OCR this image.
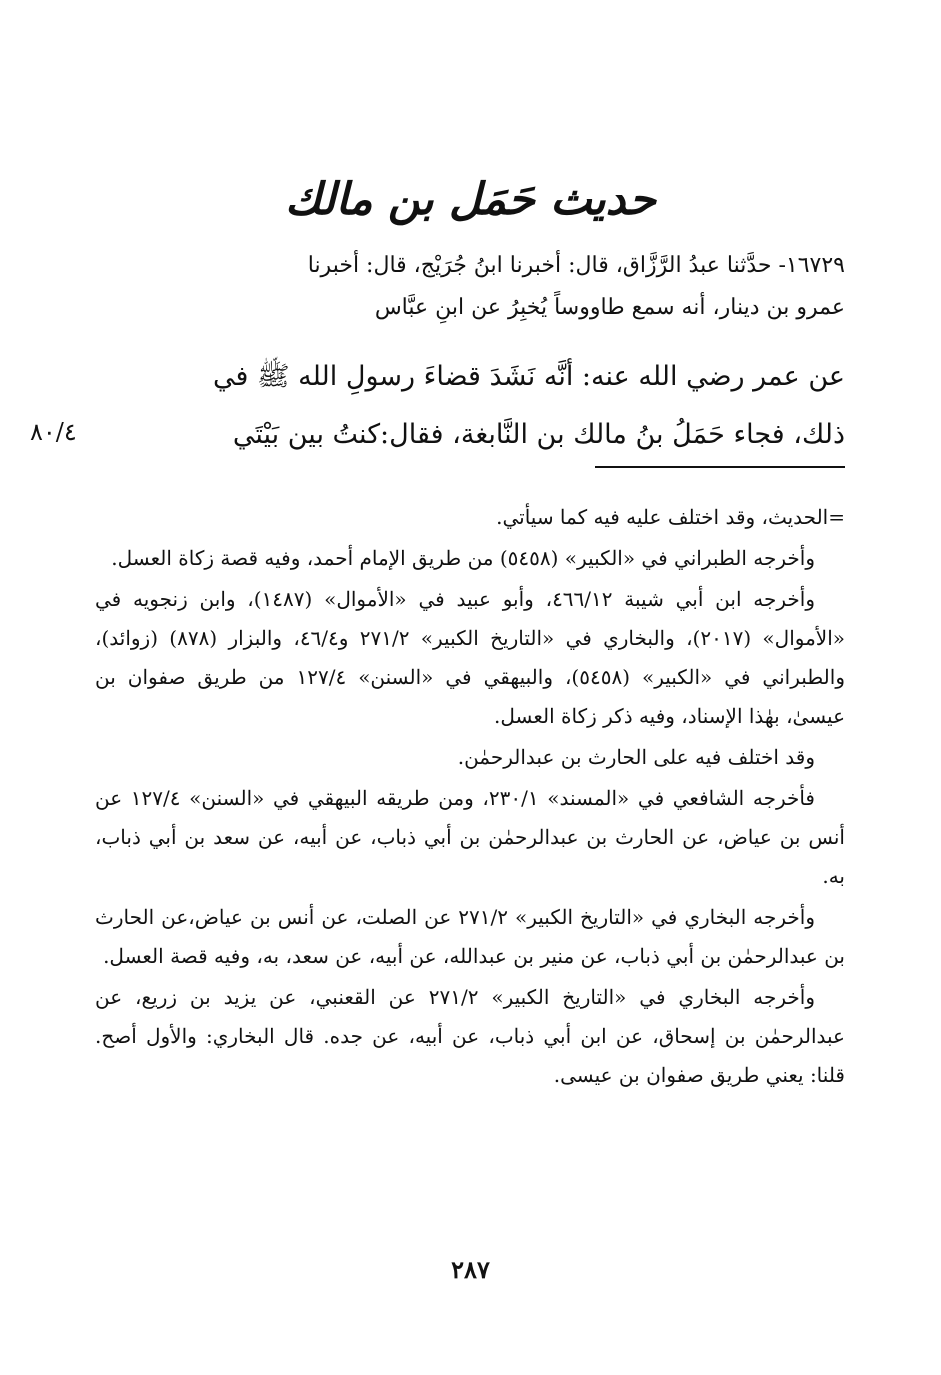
حديث حَمَل بن مالك

١٦٧٢٩- حدَّثنا عبدُ الرَّزَّاق، قال: أخبرنا ابنُ جُرَيْج، قال: أخبرنا

عمرو بن دينار، أنه سمع طاووساً يُخبِرُ عن ابنِ عبَّاس

عن عمر رضي الله عنه: أنَّه نَشَدَ قضاءَ رسولِ الله ﷺ في

ذلك، فجاء حَمَلُ بنُ مالك بن النَّابغة، فقال:كنتُ بين بَيْتَي

٨٠/٤

=الحديث، وقد اختلف عليه فيه كما سيأتي.

وأخرجه الطبراني في «الكبير» (٥٤٥٨) من طريق الإمام أحمد، وفيه قصة زكاة العسل.

وأخرجه ابن أبي شيبة ٤٦٦/١٢، وأبو عبيد في «الأموال» (١٤٨٧)، وابن زنجويه في «الأموال» (٢٠١٧)، والبخاري في «التاريخ الكبير» ٢٧١/٢ و٤٦/٤، والبزار (٨٧٨) (زوائد)، والطبراني في «الكبير» (٥٤٥٨)، والبيهقي في «السنن» ١٢٧/٤ من طريق صفوان بن عيسىٰ، بهٰذا الإسناد، وفيه ذكر زكاة العسل.

وقد اختلف فيه على الحارث بن عبدالرحمٰن.

فأخرجه الشافعي في «المسند» ٢٣٠/١، ومن طريقه البيهقي في «السنن» ١٢٧/٤ عن أنس بن عياض، عن الحارث بن عبدالرحمٰن بن أبي ذباب، عن أبيه، عن سعد بن أبي ذباب، به.

وأخرجه البخاري في «التاريخ الكبير» ٢٧١/٢ عن الصلت، عن أنس بن عياض،عن الحارث بن عبدالرحمٰن بن أبي ذباب، عن منير بن عبدالله، عن أبيه، عن سعد، به، وفيه قصة العسل.

وأخرجه البخاري في «التاريخ الكبير» ٢٧١/٢ عن القعنبي، عن يزيد بن زريع، عن عبدالرحمٰن بن إسحاق، عن ابن أبي ذباب، عن أبيه، عن جده. قال البخاري: والأول أصح. قلنا: يعني طريق صفوان بن عيسى.

٢٨٧
